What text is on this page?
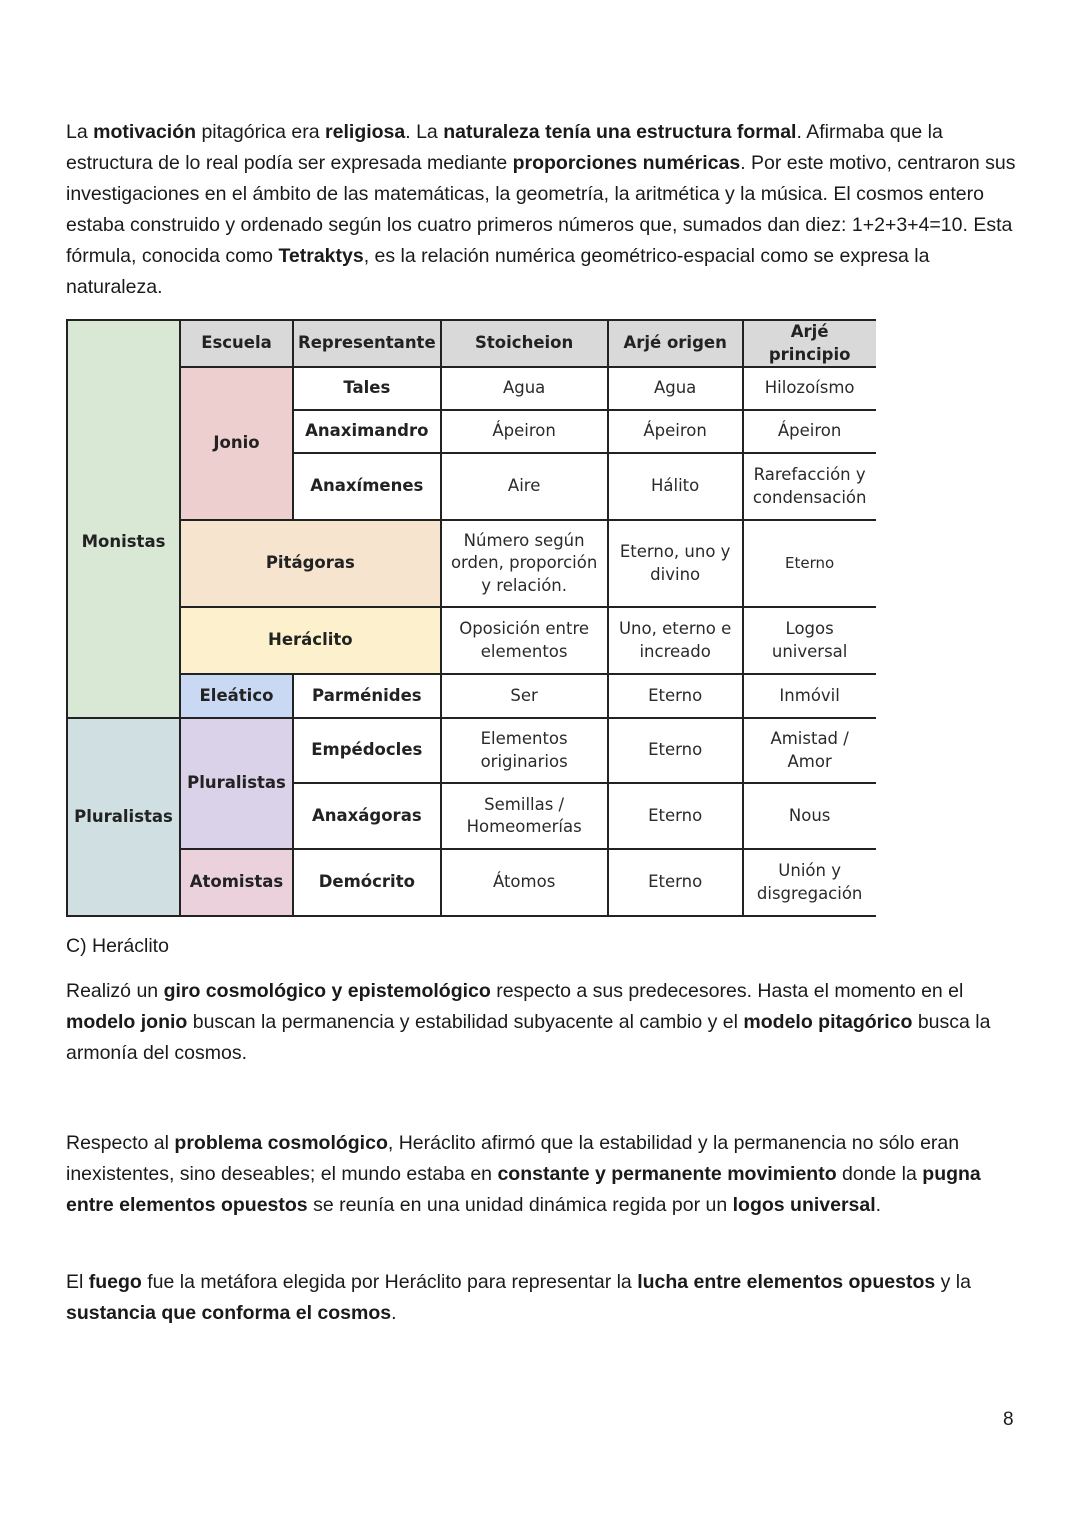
La motivación pitagórica era religiosa. La naturaleza tenía una estructura formal. Afirmaba que la estructura de lo real podía ser expresada mediante proporciones numéricas. Por este motivo, centraron sus investigaciones en el ámbito de las matemáticas, la geometría, la aritmética y la música. El cosmos entero estaba construido y ordenado según los cuatro primeros números que, sumados dan diez: 1+2+3+4=10. Esta fórmula, conocida como Tetraktys, es la relación numérica geométrico-espacial como se expresa la naturaleza.

	Escuela	Representante	Stoicheion	Arjé origen	Arjé principio
Monistas	Jonio	Tales	Agua	Agua	Hilozoísmo
		Anaximandro	Ápeiron	Ápeiron	Ápeiron
		Anaxímenes	Aire	Hálito	Rarefacción y condensación
	Pitágoras		Número según orden, proporción y relación.	Eterno, uno y divino	Eterno
	Heráclito		Oposición entre elementos	Uno, eterno e increado	Logos universal
	Eleático	Parménides	Ser	Eterno	Inmóvil
Pluralistas	Pluralistas	Empédocles	Elementos originarios	Eterno	Amistad / Amor
		Anaxágoras	Semillas / Homeomerías	Eterno	Nous
	Atomistas	Demócrito	Átomos	Eterno	Unión y disgregación

C) Heráclito

Realizó un giro cosmológico y epistemológico respecto a sus predecesores. Hasta el momento en el modelo jonio buscan la permanencia y estabilidad subyacente al cambio y el modelo pitagórico busca la armonía del cosmos.

Respecto al problema cosmológico, Heráclito afirmó que la estabilidad y la permanencia no sólo eran inexistentes, sino deseables; el mundo estaba en constante y permanente movimiento donde la pugna entre elementos opuestos se reunía en una unidad dinámica regida por un logos universal.

El fuego fue la metáfora elegida por Heráclito para representar la lucha entre elementos opuestos y la sustancia que conforma el cosmos.

8
